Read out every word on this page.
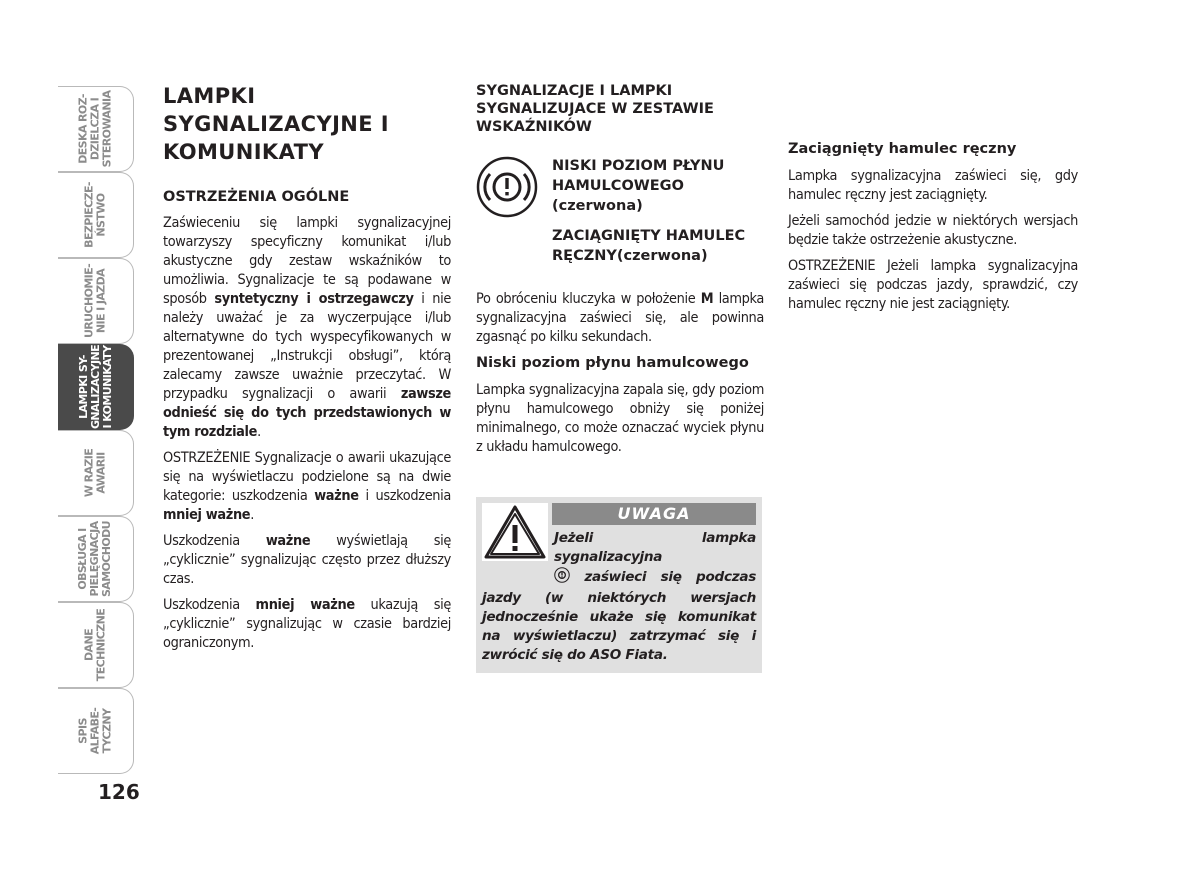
DESKA ROZ-
DZIELCZA I
STEROWANIA
BEZPIECZE-
ŃSTWO
URUCHOMIE-
NIE I JAZDA
LAMPKI SY-
GNALIZACYJNE
I KOMUNIKATY
W RAZIE
AWARII
OBSŁUGA I
PIELĘGNACJA
SAMOCHODU
DANE
TECHNICZNE
SPIS ALFABE-
TYCZNY
126
LAMPKI SYGNALIZACYJNE I KOMUNIKATY
OSTRZEŻENIA OGÓLNE

Zaświeceniu się lampki sygnalizacyjnej towarzyszy specyficzny komunikat i/lub akustyczne gdy zestaw wskaźników to umożliwia. Sygnalizacje te są podawane w sposób syntetyczny i ostrzegawczy i nie należy uważać je za wyczerpujące i/lub alternatywne do tych wyspecyfikowanych w prezentowanej „Instrukcji obsługi”, którą zalecamy zawsze uważnie przeczytać. W przypadku sygnalizacji o awarii zawsze odnieść się do tych przedstawionych w tym rozdziale.

OSTRZEŻENIE Sygnalizacje o awarii ukazujące się na wyświetlaczu podzielone są na dwie kategorie: uszkodzenia ważne i uszkodzenia mniej ważne.

Uszkodzenia ważne wyświetlają się „cyklicznie” sygnalizując często przez dłuższy czas.

Uszkodzenia mniej ważne ukazują się „cyklicznie” sygnalizując w czasie bardziej ograniczonym.

SYGNALIZACJE I LAMPKI SYGNALIZUJACE W ZESTAWIE WSKAŹNIKÓW
NISKI POZIOM PŁYNU HAMULCOWEGO (czerwona)
ZACIĄGNIĘTY HAMULEC RĘCZNY(czerwona)

Po obróceniu kluczyka w położenie M lampka sygnalizacyjna zaświeci się, ale powinna zgasnąć po kilku sekundach.

Niski poziom płynu hamulcowego

Lampka sygnalizacyjna zapala się, gdy poziom płynu hamulcowego obniży się poniżej minimalnego, co może oznaczać wyciek płynu z układu hamulcowego.

UWAGA
Jeżeli lampka sygnalizacyjna
zaświeci się podczas jazdy (w niektórych wersjach jednocześnie ukaże się komunikat na wyświetlaczu) zatrzymać się i zwrócić się do ASO Fiata.
Zaciągnięty hamulec ręczny

Lampka sygnalizacyjna zaświeci się, gdy hamulec ręczny jest zaciągnięty.

Jeżeli samochód jedzie w niektórych wersjach będzie także ostrzeżenie akustyczne.

OSTRZEŻENIE Jeżeli lampka sygnalizacyjna zaświeci się podczas jazdy, sprawdzić, czy hamulec ręczny nie jest zaciągnięty.
